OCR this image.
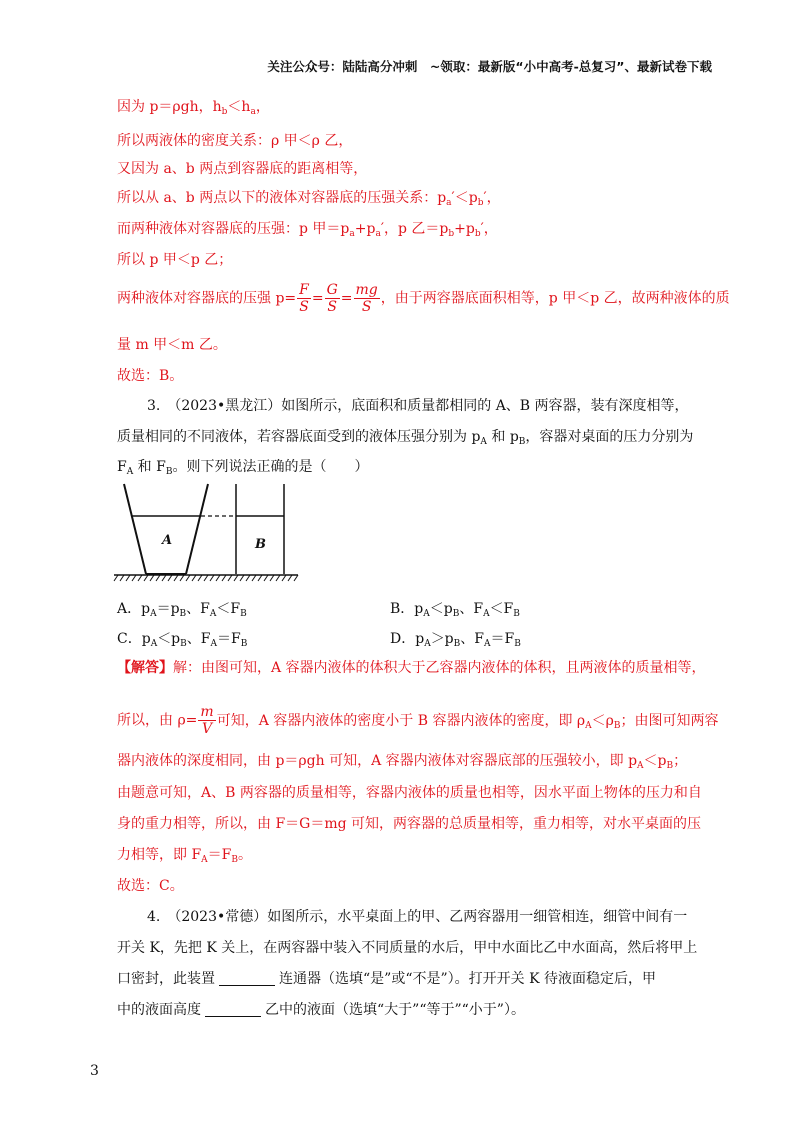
关注公众号：陆陆高分冲刺　~领取：最新版“小中高考-总复习”、最新试卷下载
因为 p＝ρgh，$h_b<h_a$，
所以两液体的密度关系：ρ 甲＜ρ 乙，
又因为 a、b 两点到容器底的距离相等，
所以从 a、b 两点以下的液体对容器底的压强关系：$p_a'<p_b'$，
而两种液体对容器底的压强：p 甲$=p_a+p_a'$，p 乙$=p_b+p_b'$，
所以 p 甲＜p 乙；
两种液体对容器底的压强 $p= \frac{F}{S} = \frac{G}{S} = \frac{mg}{S}$ ，由于两容器底面积相等，p 甲＜p 乙，故两种液体的质
量 m 甲＜m 乙。
故选：B。
3.　（2023•黑龙江）如图所示，底面积和质量都相同的 A、B 两容器，装有深度相等，
质量相同的不同液体，若容器底面受到的液体压强分别为 $p_A$ 和 $p_B$，容器对桌面的压力分别为
$F_A$ 和 $F_B$。则下列说法正确的是（　　）
A	B
A．$p_A=p_B$、$F_A<F_B$	B．$p_A<p_B$、$F_A<F_B$
C．$p_A<p_B$、$F_A=F_B$	D．$p_A>p_B$、$F_A=F_B$
【解答】解：由图可知，A 容器内液体的体积大于乙容器内液体的体积，且两液体的质量相等，
所以，由 $\rho= \frac{m}{V}$ 可知，A 容器内液体的密度小于 B 容器内液体的密度，即 $\rho_A<\rho_B$；由图可知两容
器内液体的深度相同，由 p＝ρgh 可知，A 容器内液体对容器底部的压强较小，即 $p_A<p_B$；
由题意可知，A、B 两容器的质量相等，容器内液体的质量也相等，因水平面上物体的压力和自
身的重力相等，所以，由 F＝G＝mg 可知，两容器的总质量相等，重力相等，对水平桌面的压
力相等，即 $F_A=F_B$。
故选：C。
4.　（2023•常德）如图所示，水平桌面上的甲、乙两容器用一细管相连，细管中间有一
开关 K，先把 K 关上，在两容器中装入不同质量的水后，甲中水面比乙中水面高，然后将甲上
口密封，此装置	连通器（选填“是”或“不是”）。打开开关 K 待液面稳定后，甲
中的液面高度	乙中的液面（选填“大于”“等于”“小于”）。
3
